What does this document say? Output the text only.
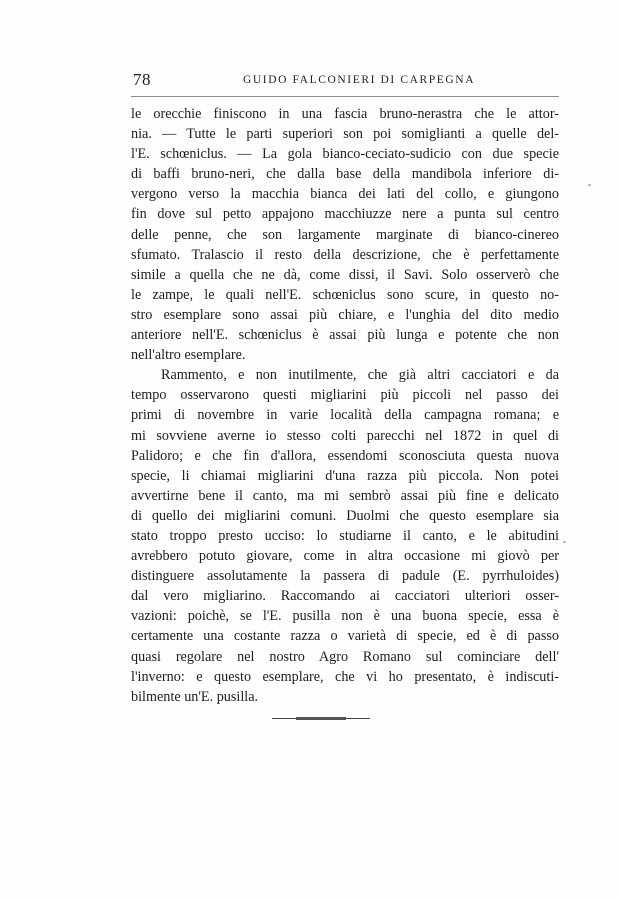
78	GUIDO FALCONIERI DI CARPEGNA
le orecchie finiscono in una fascia bruno-nerastra che le attor-
nia. — Tutte le parti superiori son poi somiglianti a quelle del-
l'E. schœniclus. — La gola bianco-ceciato-sudicio con due specie
di baffi bruno-neri, che dalla base della mandibola inferiore di-
vergono verso la macchia bianca dei lati del collo, e giungono
fin dove sul petto appajono macchiuzze nere a punta sul centro
delle penne, che son largamente marginate di bianco-cinereo
sfumato. Tralascio il resto della descrizione, che è perfettamente
simile a quella che ne dà, come dissi, il Savi. Solo osserverò che
le zampe, le quali nell'E. schœniclus sono scure, in questo no-
stro esemplare sono assai più chiare, e l'unghia del dito medio
anteriore nell'E. schœniclus è assai più lunga e potente che non
nell'altro esemplare.
Rammento, e non inutilmente, che già altri cacciatori e da
tempo osservarono questi migliarini più piccoli nel passo dei
primi di novembre in varie località della campagna romana; e
mi sovviene averne io stesso colti parecchi nel 1872 in quel di
Palidoro; e che fin d'allora, essendomi sconosciuta questa nuova
specie, li chiamai migliarini d'una razza più piccola. Non potei
avvertirne bene il canto, ma mi sembrò assai più fine e delicato
di quello dei migliarini comuni. Duolmi che questo esemplare sia
stato troppo presto ucciso: lo studiarne il canto, e le abitudini
avrebbero potuto giovare, come in altra occasione mi giovò per
distinguere assolutamente la passera di padule (E. pyrrhuloides)
dal vero migliarino. Raccomando ai cacciatori ulteriori osser-
vazioni: poichè, se l'E. pusilla non è una buona specie, essa è
certamente una costante razza o varietà di specie, ed è di passo
quasi regolare nel nostro Agro Romano sul cominciare dell'
l'inverno: e questo esemplare, che vi ho presentato, è indiscuti-
bilmente un'E. pusilla.
